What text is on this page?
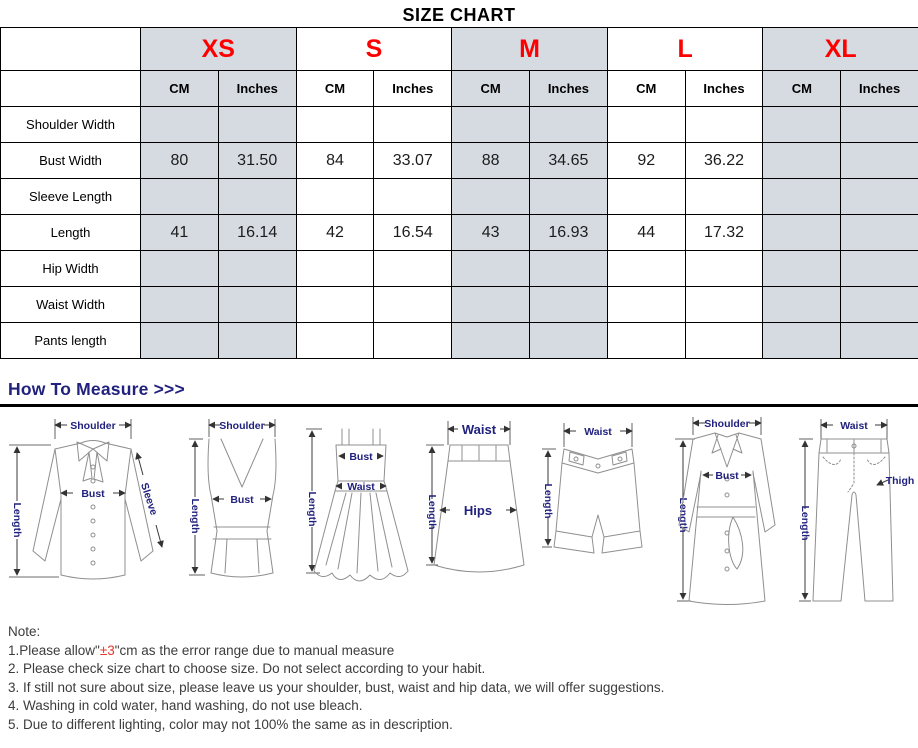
SIZE CHART
	XS		S		M		L		XL	
	CM	Inches	CM	Inches	CM	Inches	CM	Inches	CM	Inches
Shoulder Width										
Bust Width	80	31.50	84	33.07	88	34.65	92	36.22		
Sleeve Length										
Length	41	16.14	42	16.54	43	16.93	44	17.32		
Hip Width										
Waist Width										
Pants length										
How To Measure >>>
Shoulder
Length
Bust	Sleeve
Shoulder
Length	Bust	Length
Bust
Waist
Waist
Length Hips
Waist
Length
Shoulder
Length
Bust
Waist
Length
Thigh
Note:
1.Please allow"±3"cm as the error range due to manual measure
2. Please check size chart to choose size. Do not select according to your habit.
3. If still not sure about size, please leave us your shoulder, bust, waist and hip data, we will offer suggestions.
4. Washing in cold water, hand washing, do not use bleach.
5. Due to different lighting, color may not 100% the same as in description.
